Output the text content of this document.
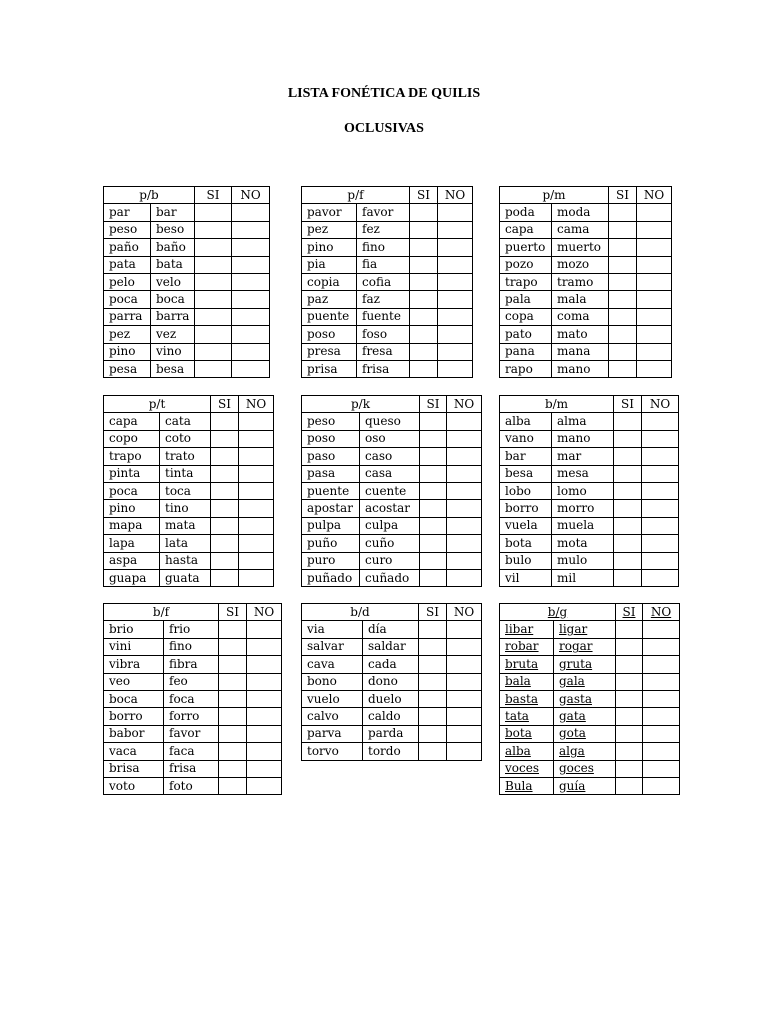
LISTA FONÉTICA DE QUILIS
OCLUSIVAS
p/b		SI	NO
par	bar		
peso	beso		
paño	baño		
pata	bata		
pelo	velo		
poca	boca		
parra	barra		
pez	vez		
pino	vino		
pesa	besa		
p/f		SI	NO
pavor	favor		
pez	fez		
pino	fino		
pia	fia		
copia	cofia		
paz	faz		
puente	fuente		
poso	foso		
presa	fresa		
prisa	frisa		
p/m		SI	NO
poda	moda		
capa	cama		
puerto	muerto		
pozo	mozo		
trapo	tramo		
pala	mala		
copa	coma		
pato	mato		
pana	mana		
rapo	mano		
p/t		SI	NO
capa	cata		
copo	coto		
trapo	trato		
pinta	tinta		
poca	toca		
pino	tino		
mapa	mata		
lapa	lata		
aspa	hasta		
guapa	guata		
p/k		SI	NO
peso	queso		
poso	oso		
paso	caso		
pasa	casa		
puente	cuente		
apostar	acostar		
pulpa	culpa		
puño	cuño		
puro	curo		
puñado	cuñado		
b/m		SI	NO
alba	alma		
vano	mano		
bar	mar		
besa	mesa		
lobo	lomo		
borro	morro		
vuela	muela		
bota	mota		
bulo	mulo		
vil	mil		
b/f		SI	NO
brio	frio		
vini	fino		
vibra	fibra		
veo	feo		
boca	foca		
borro	forro		
babor	favor		
vaca	faca		
brisa	frisa		
voto	foto		
b/d		SI	NO
via	día		
salvar	saldar		
cava	cada		
bono	dono		
vuelo	duelo		
calvo	caldo		
parva	parda		
torvo	tordo		
b/g		SI	NO
libar	ligar		
robar	rogar		
bruta	gruta		
bala	gala		
basta	gasta		
tata	gata		
bota	gota		
alba	alga		
voces	goces		
Bula	guía		
